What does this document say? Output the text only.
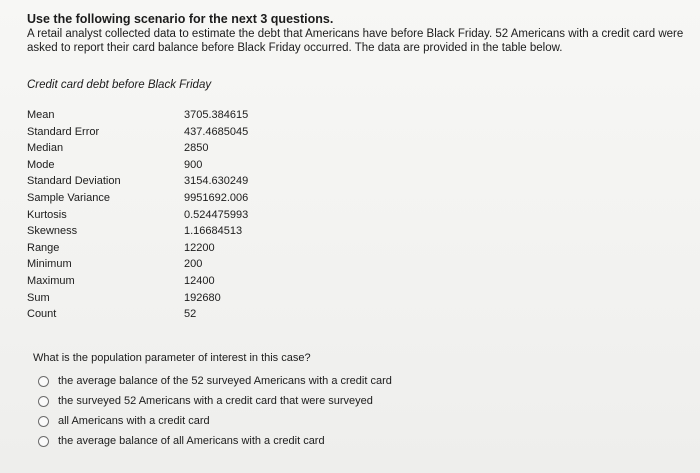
Use the following scenario for the next 3 questions.

A retail analyst collected data to estimate the debt that Americans have before Black Friday. 52 Americans with a credit card were asked to report their card balance before Black Friday occurred. The data are provided in the table below.

Credit card debt before Black Friday

Mean	3705.384615
Standard Error	437.4685045
Median	2850
Mode	900
Standard Deviation	3154.630249
Sample Variance	9951692.006
Kurtosis	0.524475993
Skewness	1.16684513
Range	12200
Minimum	200
Maximum	12400
Sum	192680
Count	52

What is the population parameter of interest in this case?

the average balance of the 52 surveyed Americans with a credit card
the surveyed 52 Americans with a credit card that were surveyed
all Americans with a credit card
the average balance of all Americans with a credit card
